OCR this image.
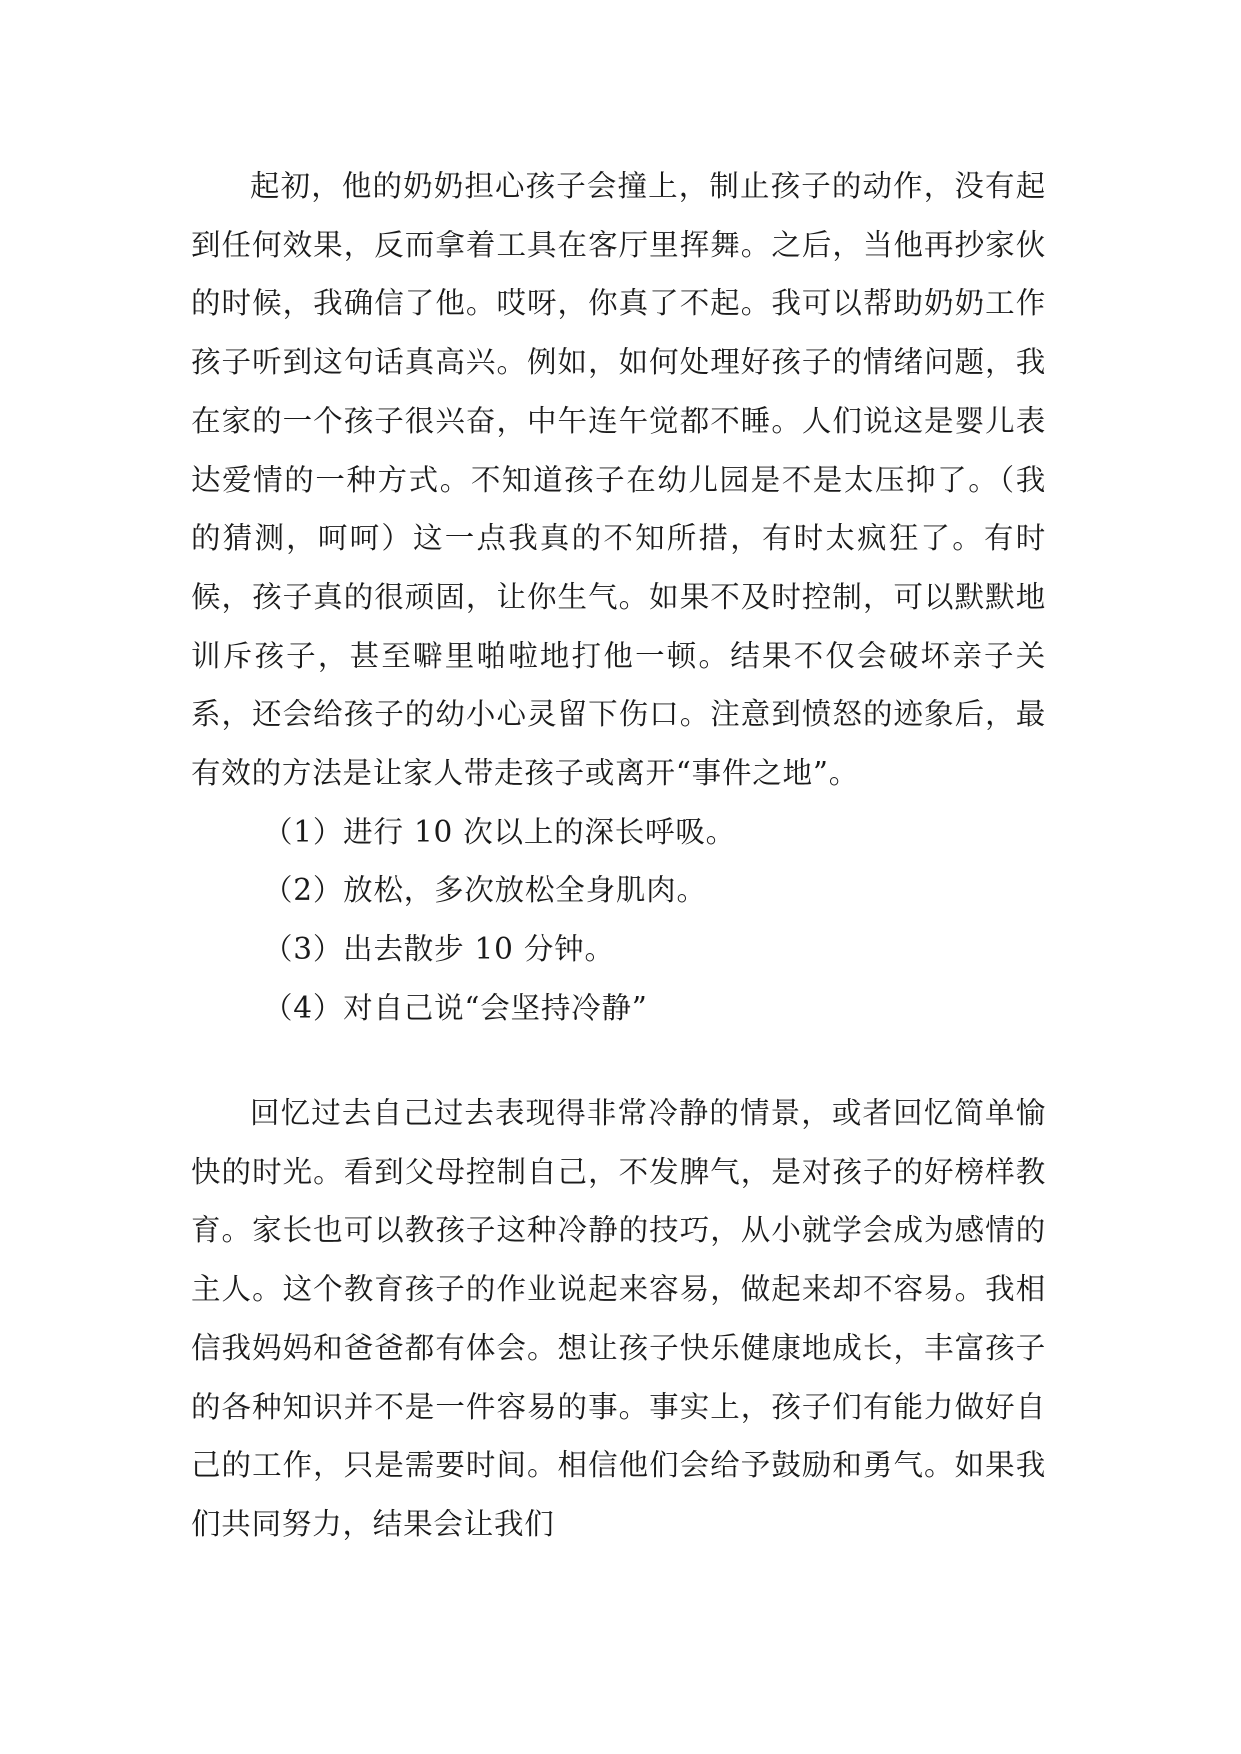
起初，他的奶奶担心孩子会撞上，制止孩子的动作，没有起到任何效果，反而拿着工具在客厅里挥舞。之后，当他再抄家伙的时候，我确信了他。哎呀，你真了不起。我可以帮助奶奶工作孩子听到这句话真高兴。例如，如何处理好孩子的情绪问题，我在家的一个孩子很兴奋，中午连午觉都不睡。人们说这是婴儿表达爱情的一种方式。不知道孩子在幼儿园是不是太压抑了。（我的猜测，呵呵）这一点我真的不知所措，有时太疯狂了。有时候，孩子真的很顽固，让你生气。如果不及时控制，可以默默地训斥孩子，甚至噼里啪啦地打他一顿。结果不仅会破坏亲子关系，还会给孩子的幼小心灵留下伤口。注意到愤怒的迹象后，最有效的方法是让家人带走孩子或离开“事件之地”。

（1）进行 10 次以上的深长呼吸。

（2）放松，多次放松全身肌肉。

（3）出去散步 10 分钟。

（4）对自己说“会坚持冷静”

回忆过去自己过去表现得非常冷静的情景，或者回忆简单愉快的时光。看到父母控制自己，不发脾气，是对孩子的好榜样教育。家长也可以教孩子这种冷静的技巧，从小就学会成为感情的主人。这个教育孩子的作业说起来容易，做起来却不容易。我相信我妈妈和爸爸都有体会。想让孩子快乐健康地成长，丰富孩子的各种知识并不是一件容易的事。事实上，孩子们有能力做好自己的工作，只是需要时间。相信他们会给予鼓励和勇气。如果我们共同努力，结果会让我们
